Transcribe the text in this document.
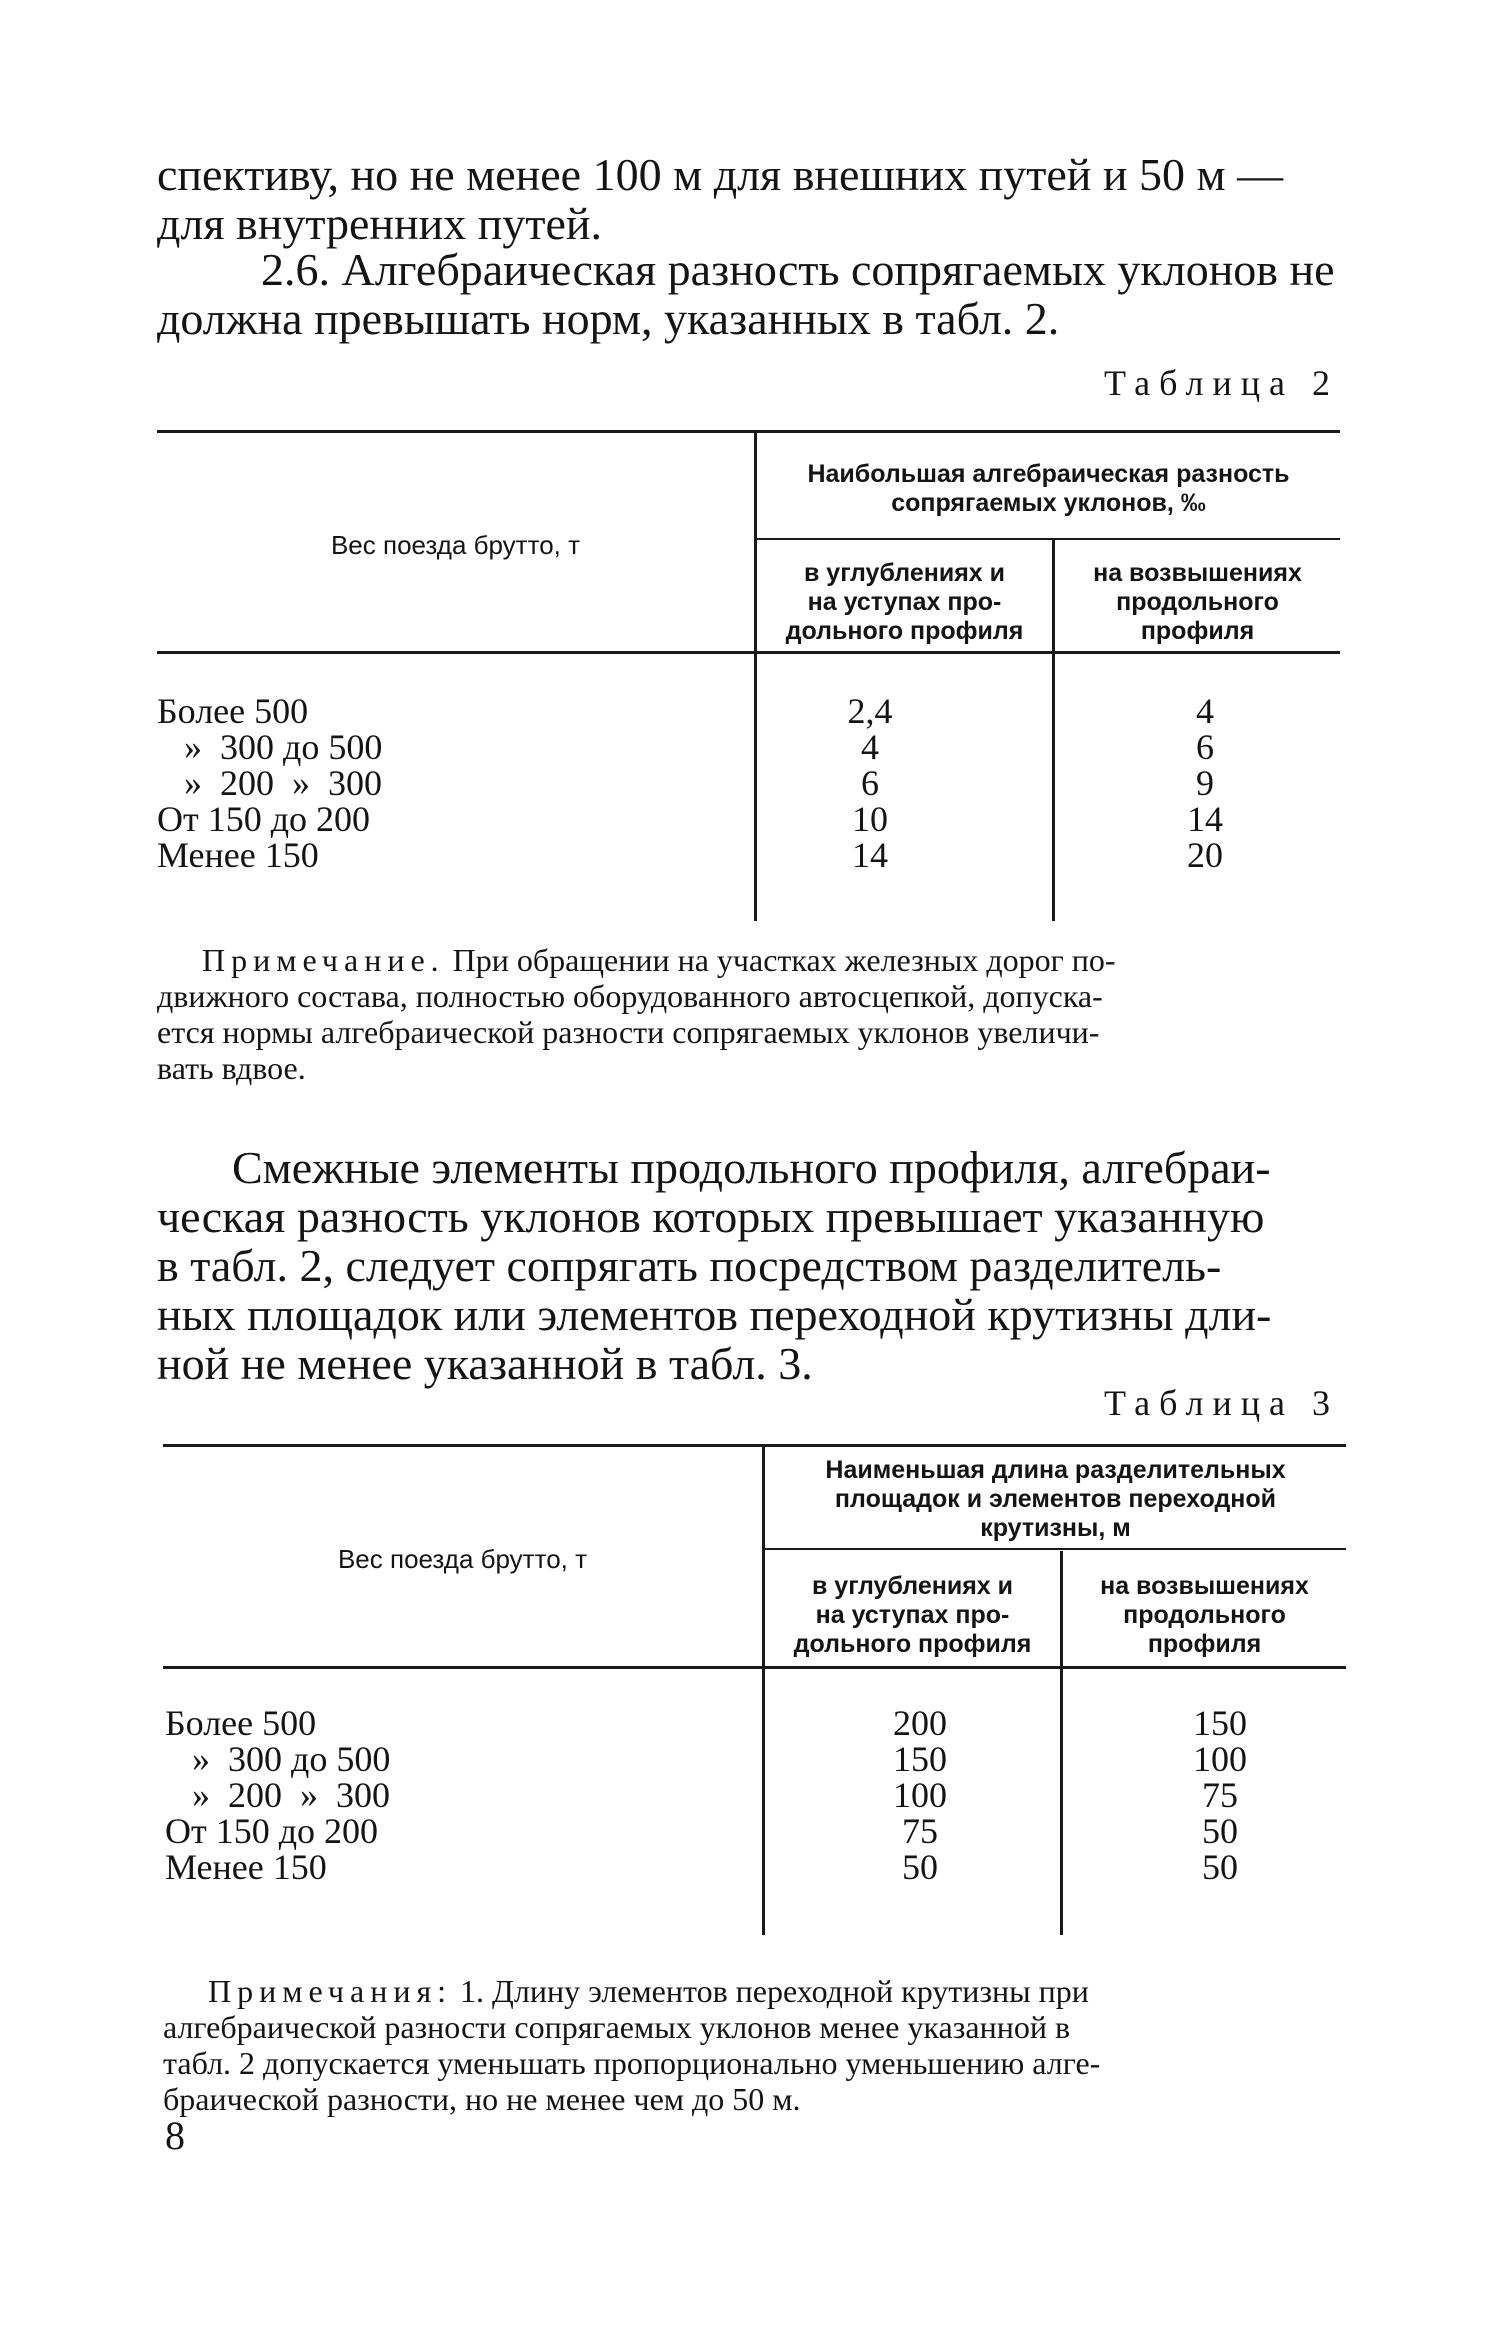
спективу, но не менее 100 м для внешних путей и 50 м —
для внутренних путей.
2.6. Алгебраическая разность сопрягаемых уклонов не
должна превышать норм, указанных в табл. 2.
Таблица 2
Вес поезда брутто, т
Наибольшая алгебраическая разность
сопрягаемых уклонов, ‰
в углублениях и
на уступах про-
дольного профиля
на возвышениях
продольного
профиля
Более 500
»  300 до 500
»  200  »  300
От 150 до 200
Менее 150
2,4
4
6
10
14
4
6
9
14
20
Примечание. При обращении на участках железных дорог по-
движного состава, полностью оборудованного автосцепкой, допуска-
ется нормы алгебраической разности сопрягаемых уклонов увеличи-
вать вдвое.
Смежные элементы продольного профиля, алгебраи-
ческая разность уклонов которых превышает указанную
в табл. 2, следует сопрягать посредством разделитель-
ных площадок или элементов переходной крутизны дли-
ной не менее указанной в табл. 3.
Таблица 3
Вес поезда брутто, т
Наименьшая длина разделительных
площадок и элементов переходной
крутизны, м
в углублениях и
на уступах про-
дольного профиля
на возвышениях
продольного
профиля
Более 500
»  300 до 500
»  200  »  300
От 150 до 200
Менее 150
200
150
100
75
50
150
100
75
50
50
Примечания: 1. Длину элементов переходной крутизны при
алгебраической разности сопрягаемых уклонов менее указанной в
табл. 2 допускается уменьшать пропорционально уменьшению алге-
браической разности, но не менее чем до 50 м.
8
